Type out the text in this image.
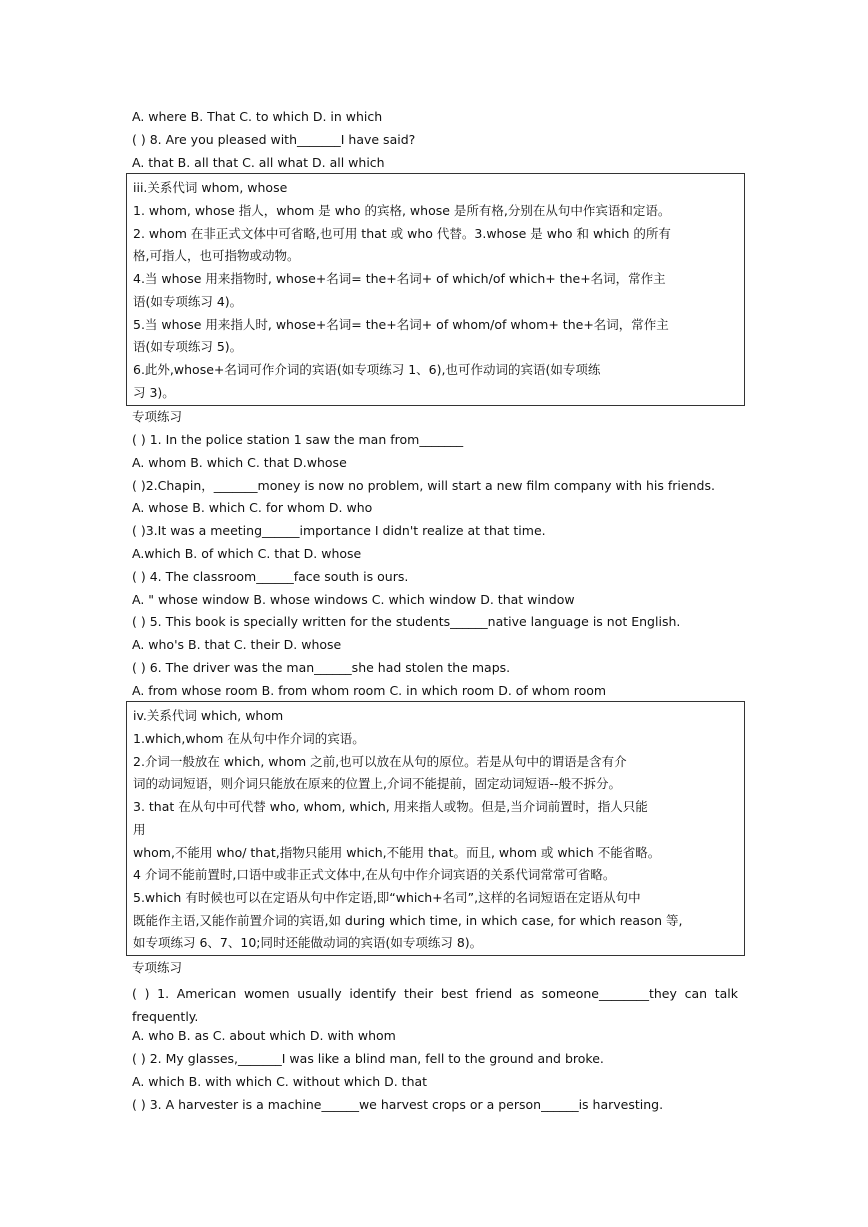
A. where B. That C. to which D. in which
( ) 8. Are you pleased with_______I have said?
A. that B. all that C. all what D. all which
iii.关系代词 whom, whose
1. whom, whose 指人，whom 是 who 的宾格, whose 是所有格,分别在从句中作宾语和定语。
2. whom 在非正式文体中可省略,也可用 that 或 who 代替。3.whose 是 who 和 which 的所有
格,可指人，也可指物或动物。
4.当 whose 用来指物时, whose+名词= the+名词+ of which/of which+ the+名词，常作主
语(如专项练习 4)。
5.当 whose 用来指人时, whose+名词= the+名词+ of whom/of whom+ the+名词，常作主
语(如专项练习 5)。
6.此外,whose+名词可作介词的宾语(如专项练习 1、6),也可作动词的宾语(如专项练
习 3)。
专项练习
( ) 1. In the police station 1 saw the man from_______
A. whom B. which C. that D.whose
( )2.Chapin，_______money is now no problem, will start a new film company with his friends.
A. whose B. which C. for whom D. who
( )3.It was a meeting______importance I didn't realize at that time.
A.which B. of which C. that D. whose
( ) 4. The classroom______face south is ours.
A. " whose window B. whose windows C. which window D. that window
( ) 5. This book is specially written for the students______native language is not English.
A. who's B. that C. their D. whose
( ) 6. The driver was the man______she had stolen the maps.
A. from whose room B. from whom room C. in which room D. of whom room
iv.关系代词 which, whom
1.which,whom 在从句中作介词的宾语。
2.介词一般放在 which, whom 之前,也可以放在从句的原位。若是从句中的谓语是含有介
词的动词短语，则介词只能放在原来的位置上,介词不能提前，固定动词短语--般不拆分。
3. that 在从句中可代替 who, whom, which, 用来指人或物。但是,当介词前置时，指人只能
用
whom,不能用 who/ that,指物只能用 which,不能用 that。而且, whom 或 which 不能省略。
4 介词不能前置时,口语中或非正式文体中,在从句中作介词宾语的关系代词常常可省略。
5.which 有时候也可以在定语从句中作定语,即“which+名司”,这样的名词短语在定语从句中
既能作主语,又能作前置介词的宾语,如 during which time, in which case, for which reason 等,
如专项练习 6、7、10;同时还能做动词的宾语(如专项练习 8)。
专项练习
( ) 1. American women usually identify their best friend as someone________they can talk frequently.
A. who B. as C. about which D. with whom
( ) 2. My glasses,_______I was like a blind man, fell to the ground and broke.
A. which B. with which C. without which D. that
( ) 3. A harvester is a machine______we harvest crops or a person______is harvesting.
